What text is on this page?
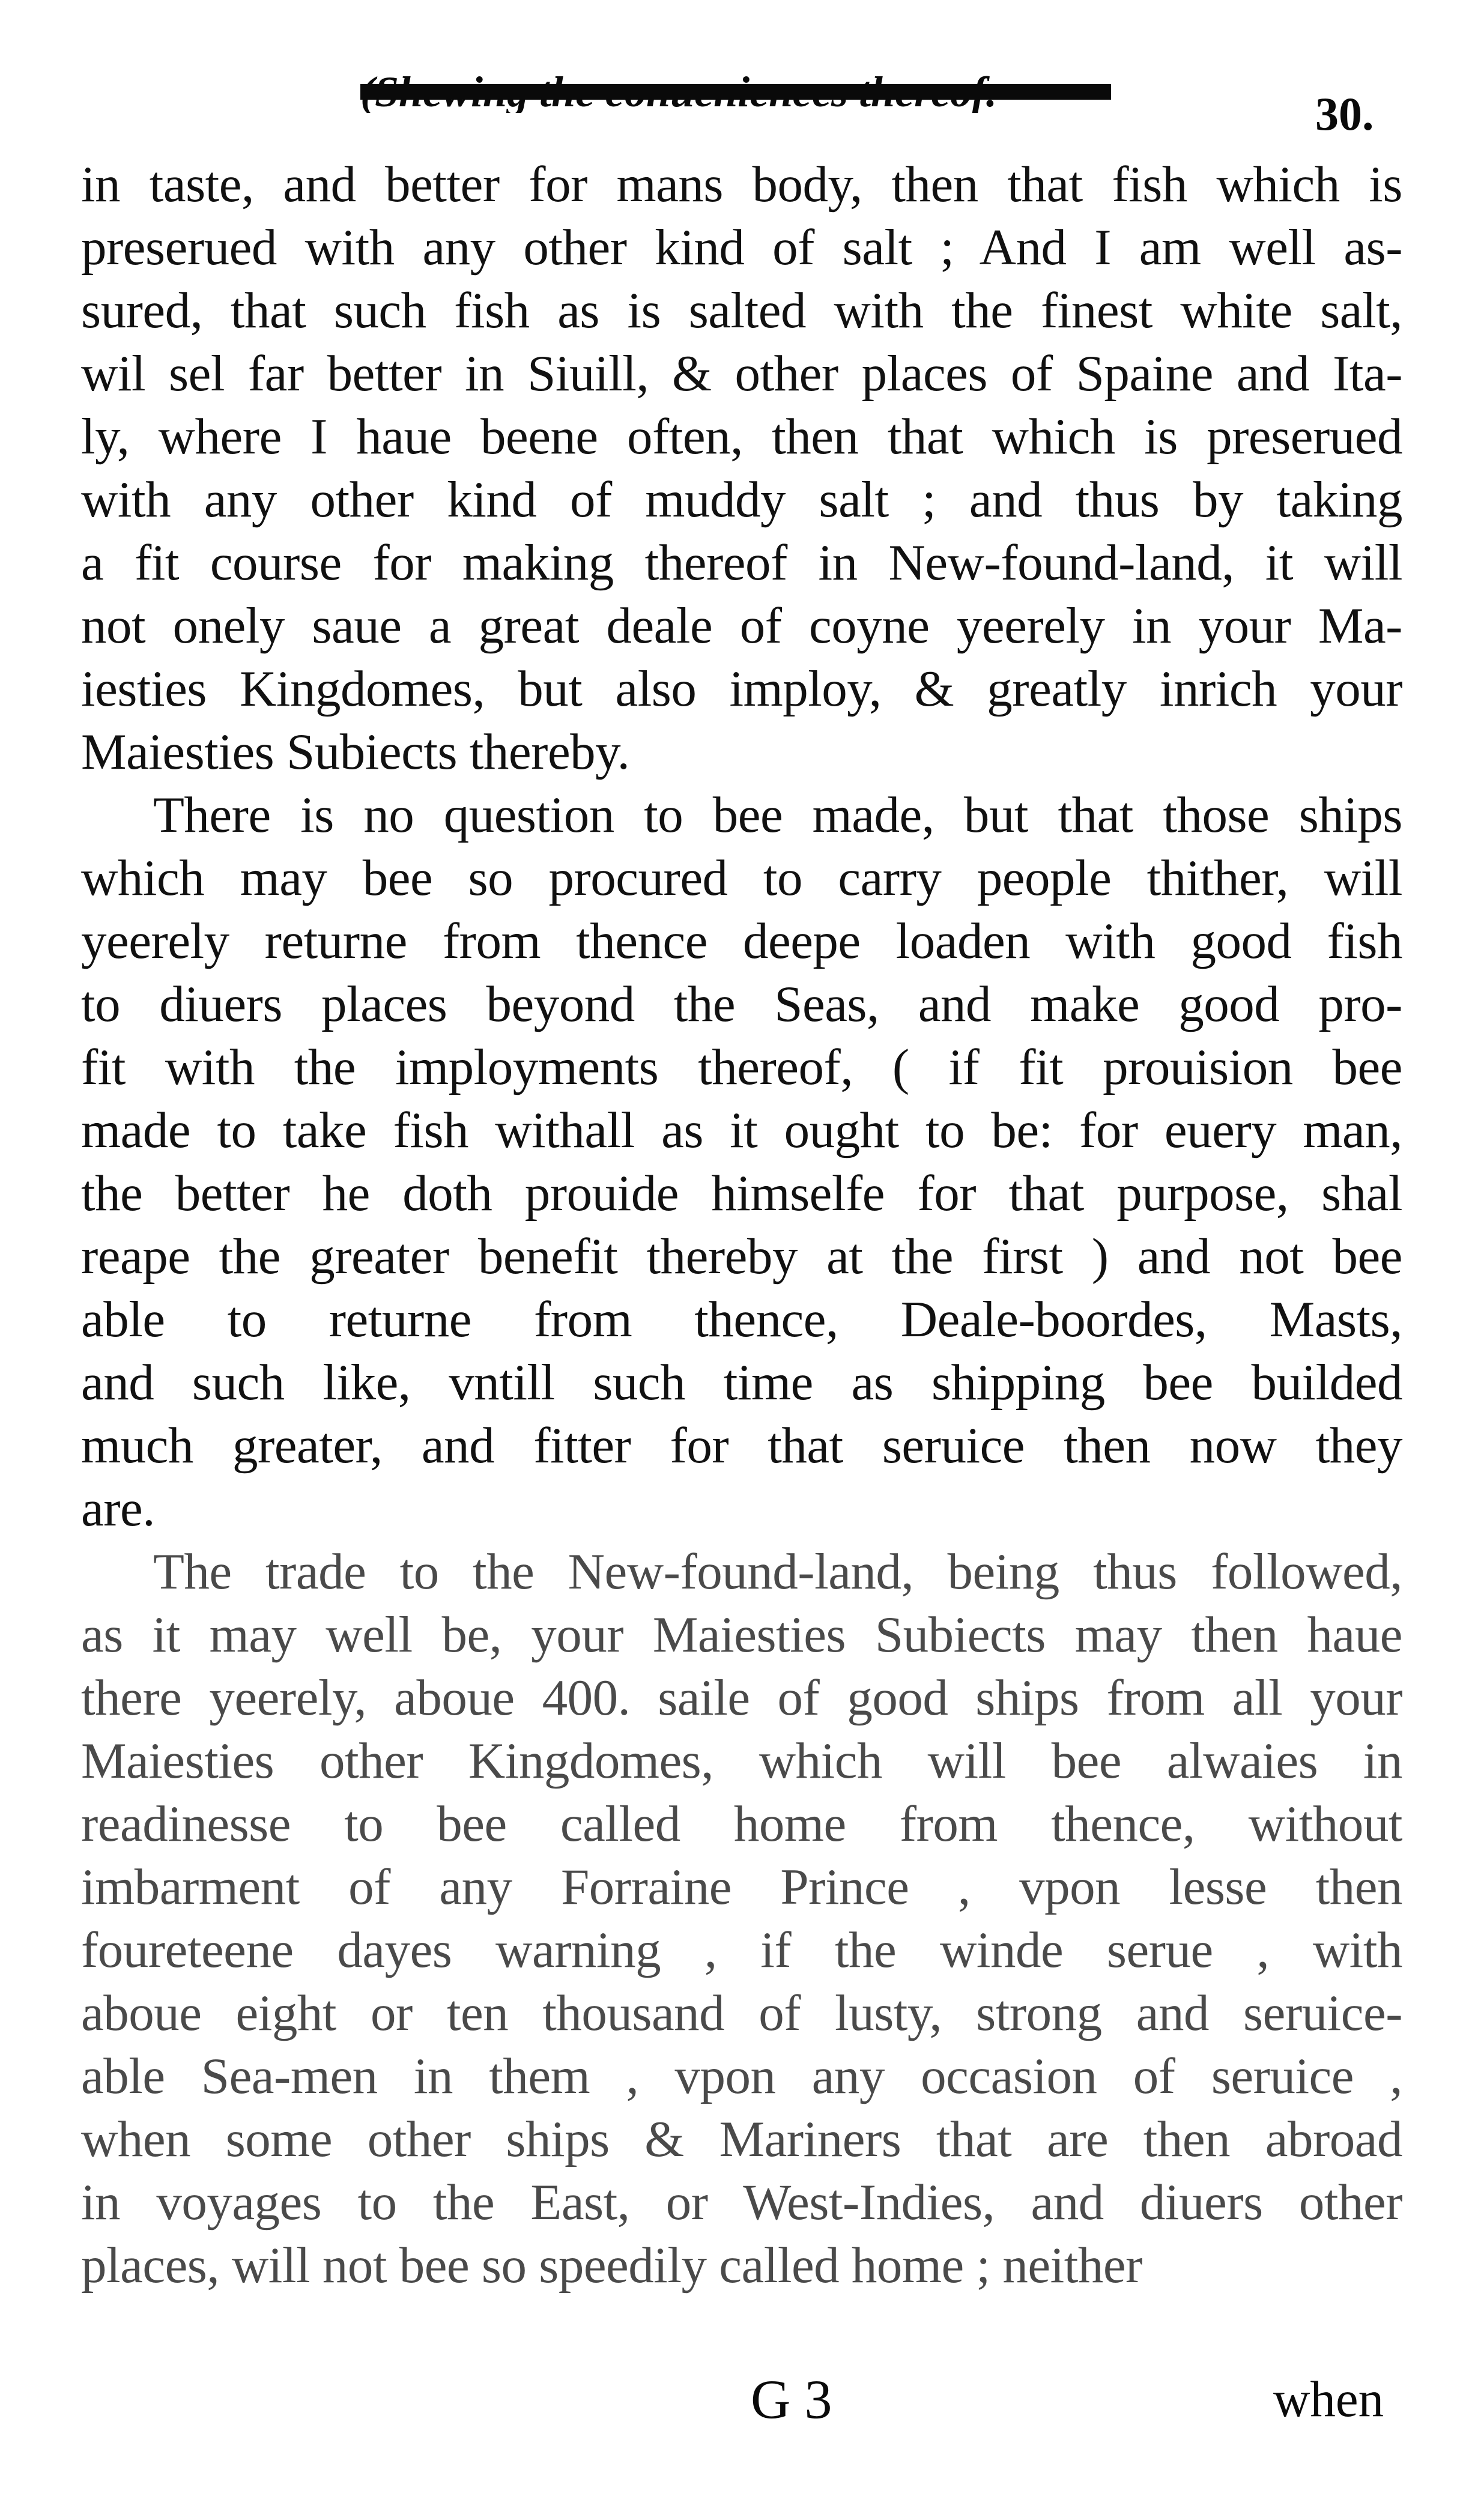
30.
in taste, and better for mans body, then that fish which is
preserued with any other kind of salt ; And I am well as-
sured, that such fish as is salted with the finest white salt,
wil sel far better in Siuill, & other places of Spaine and Ita-
ly, where I haue beene often, then that which is preserued
with any other kind of muddy salt ; and thus by taking
a fit course for making thereof in New-found-land, it will
not onely saue a great deale of coyne yeerely in your Ma-
iesties Kingdomes, but also imploy, & greatly inrich your
Maiesties Subiects thereby.
There is no question to bee made, but that those ships
which may bee so procured to carry people thither, will
yeerely returne from thence deepe loaden with good fish
to diuers places beyond the Seas, and make good pro-
fit with the imployments thereof, ( if fit prouision bee
made to take fish withall as it ought to be: for euery man,
the better he doth prouide himselfe for that purpose, shal
reape the greater benefit thereby at the first ) and not bee
able to returne from thence, Deale-boordes, Masts,
and such like, vntill such time as shipping bee builded
much greater, and fitter for that seruice then now they
are.
The trade to the New-found-land, being thus followed,
as it may well be, your Maiesties Subiects may then haue
there yeerely, aboue 400. saile of good ships from all your
Maiesties other Kingdomes, which will bee alwaies in
readinesse to bee called home from thence, without
imbarment of any Forraine Prince , vpon lesse then
foureteene dayes warning , if the winde serue , with
aboue eight or ten thousand of lusty, strong and seruice-
able Sea-men in them , vpon any occasion of seruice ,
when some other ships & Mariners that are then abroad
in voyages to the East, or West-Indies, and diuers other
places, will not bee so speedily called home ; neither
G 3	when
